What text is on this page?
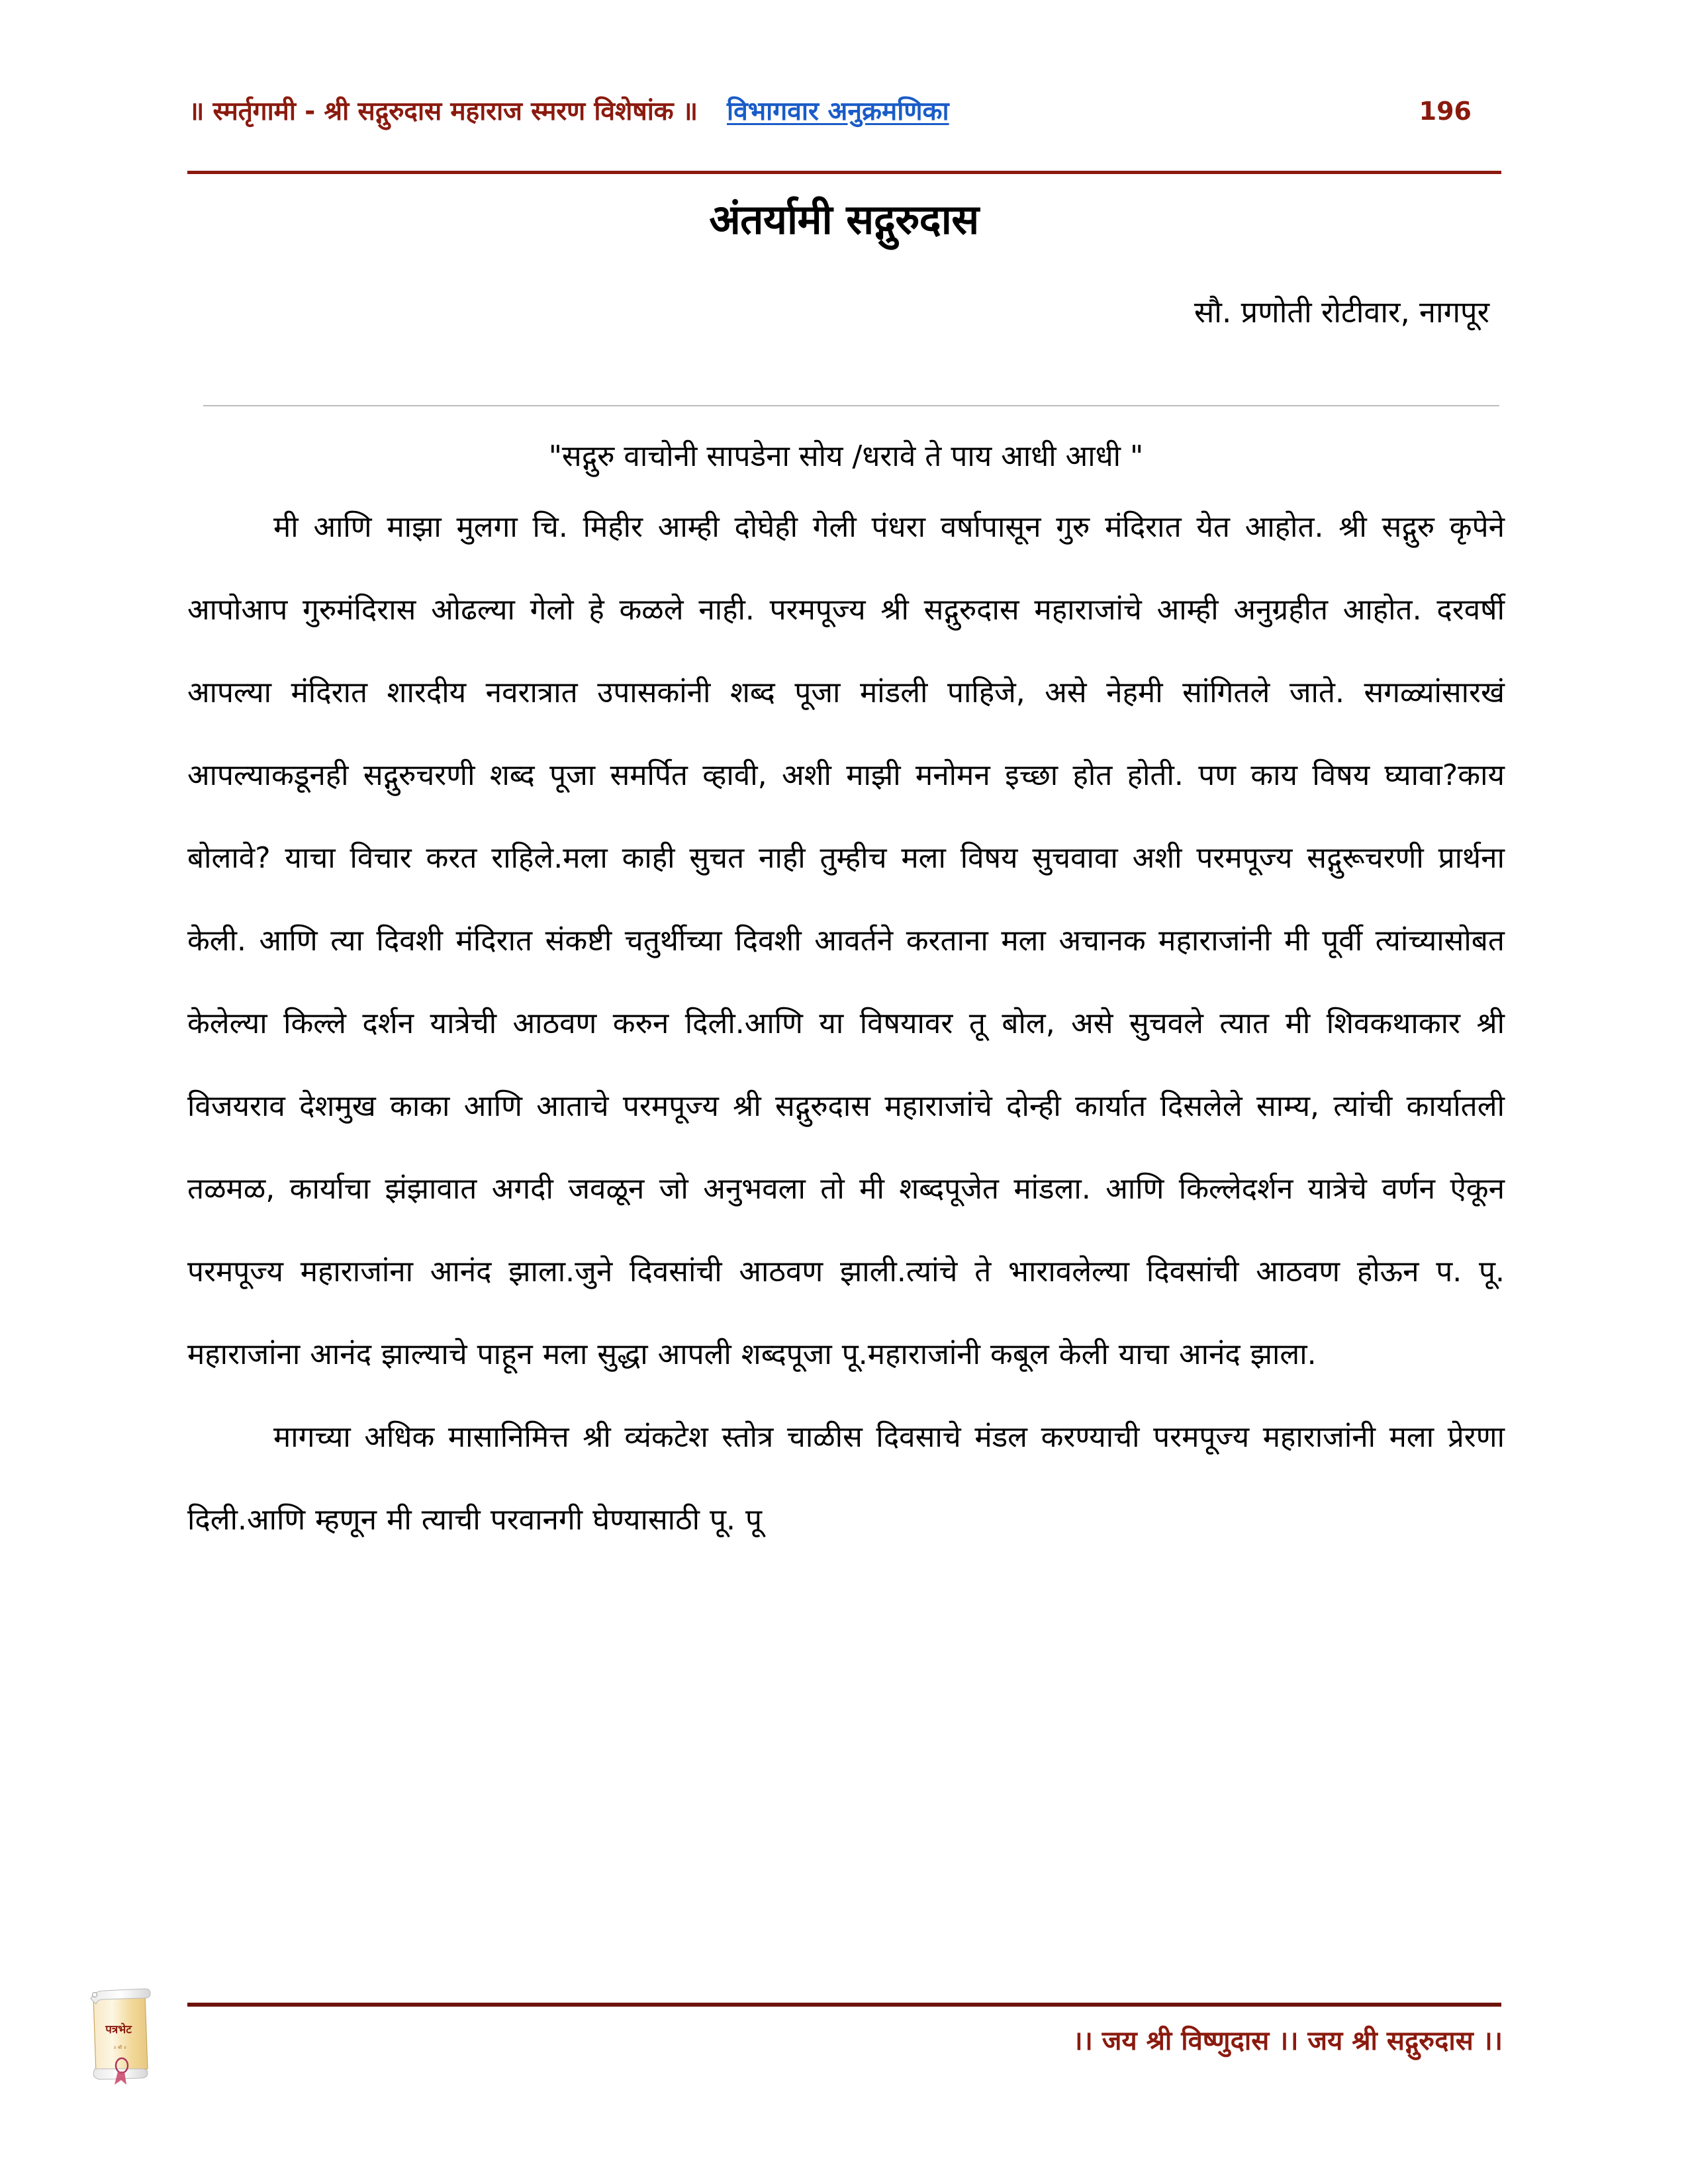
॥ स्मर्तृगामी - श्री सद्गुरुदास महाराज स्मरण विशेषांक ॥ विभागवार अनुक्रमणिका	196
अंतर्यामी सद्गुरुदास
सौ. प्रणोती रोटीवार, नागपूर
"सद्गुरु वाचोनी सापडेना सोय /धरावे ते पाय आधी आधी "

मी आणि माझा मुलगा चि. मिहीर आम्ही दोघेही गेली पंधरा वर्षापासून गुरु मंदिरात येत आहोत. श्री सद्गुरु कृपेने आपोआप गुरुमंदिरास ओढल्या गेलो हे कळले नाही. परमपूज्य श्री सद्गुरुदास महाराजांचे आम्ही अनुग्रहीत आहोत. दरवर्षी आपल्या मंदिरात शारदीय नवरात्रात उपासकांनी शब्द पूजा मांडली पाहिजे, असे नेहमी सांगितले जाते. सगळ्यांसारखं आपल्याकडूनही सद्गुरुचरणी शब्द पूजा समर्पित व्हावी, अशी माझी मनोमन इच्छा होत होती. पण काय विषय घ्यावा?काय बोलावे? याचा विचार करत राहिले.मला काही सुचत नाही तुम्हीच मला विषय सुचवावा अशी परमपूज्य सद्गुरूचरणी प्रार्थना केली. आणि त्या दिवशी मंदिरात संकष्टी चतुर्थीच्या दिवशी आवर्तने करताना मला अचानक महाराजांनी मी पूर्वी त्यांच्यासोबत केलेल्या किल्ले दर्शन यात्रेची आठवण करुन दिली.आणि या विषयावर तू बोल, असे सुचवले त्यात मी शिवकथाकार श्री विजयराव देशमुख काका आणि आताचे परमपूज्य श्री सद्गुरुदास महाराजांचे दोन्ही कार्यात दिसलेले साम्य, त्यांची कार्यातली तळमळ, कार्याचा झंझावात अगदी जवळून जो अनुभवला तो मी शब्दपूजेत मांडला. आणि किल्लेदर्शन यात्रेचे वर्णन ऐकून परमपूज्य महाराजांना आनंद झाला.जुने दिवसांची आठवण झाली.त्यांचे ते भारावलेल्या दिवसांची आठवण होऊन प. पू. महाराजांना आनंद झाल्याचे पाहून मला सुद्धा आपली शब्दपूजा पू.महाराजांनी कबूल केली याचा आनंद झाला.

मागच्या अधिक मासानिमित्त श्री व्यंकटेश स्तोत्र चाळीस दिवसाचे मंडल करण्याची परमपूज्य महाराजांनी मला प्रेरणा दिली.आणि म्हणून मी त्याची परवानगी घेण्यासाठी पू. पू

।। जय श्री विष्णुदास ।। जय श्री सद्गुरुदास ।।
पत्रभेट
॥ श्री ॥
